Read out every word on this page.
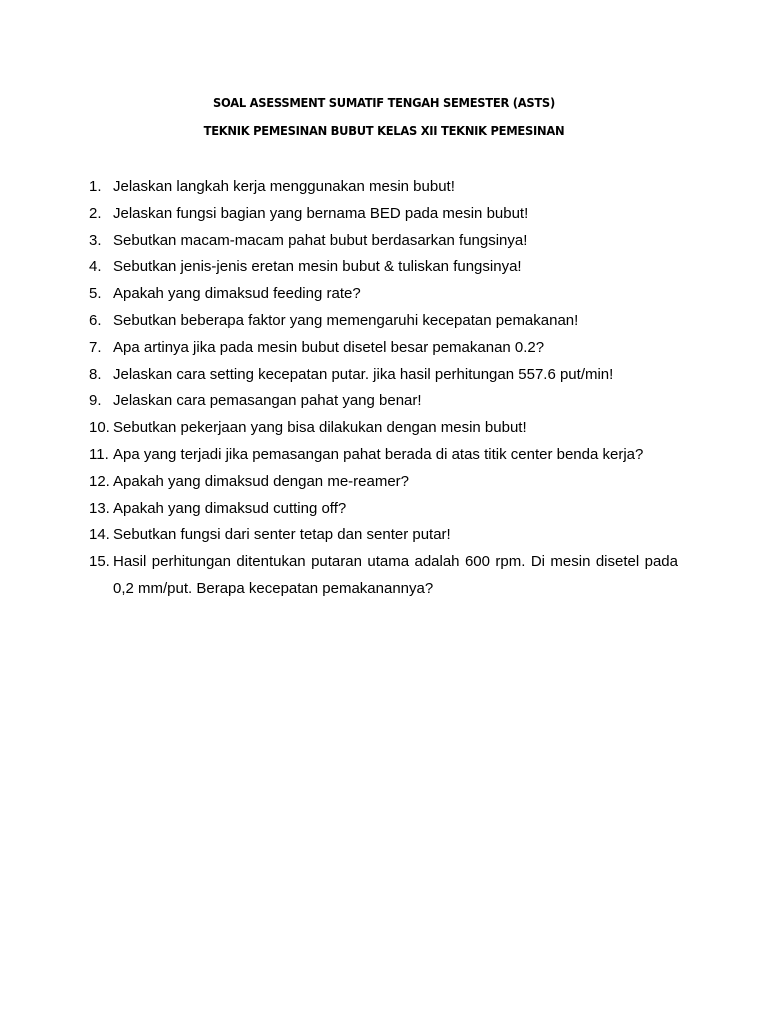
SOAL ASESSMENT SUMATIF TENGAH SEMESTER (ASTS)
TEKNIK PEMESINAN BUBUT KELAS XII TEKNIK PEMESINAN
1. Jelaskan langkah kerja menggunakan mesin bubut!
2. Jelaskan fungsi bagian yang bernama BED pada mesin bubut!
3. Sebutkan macam-macam pahat bubut berdasarkan fungsinya!
4. Sebutkan jenis-jenis eretan mesin bubut & tuliskan fungsinya!
5. Apakah yang dimaksud feeding rate?
6. Sebutkan beberapa faktor yang memengaruhi kecepatan pemakanan!
7. Apa artinya jika pada mesin bubut disetel besar pemakanan 0.2?
8. Jelaskan cara setting kecepatan putar. jika hasil perhitungan 557.6 put/min!
9. Jelaskan cara pemasangan pahat yang benar!
10. Sebutkan pekerjaan yang bisa dilakukan dengan mesin bubut!
11. Apa yang terjadi jika pemasangan pahat berada di atas titik center benda kerja?
12. Apakah yang dimaksud dengan me-reamer?
13. Apakah yang dimaksud cutting off?
14. Sebutkan fungsi dari senter tetap dan senter putar!
15. Hasil perhitungan ditentukan putaran utama adalah 600 rpm. Di mesin disetel pada 0,2 mm/put. Berapa kecepatan pemakanannya?
